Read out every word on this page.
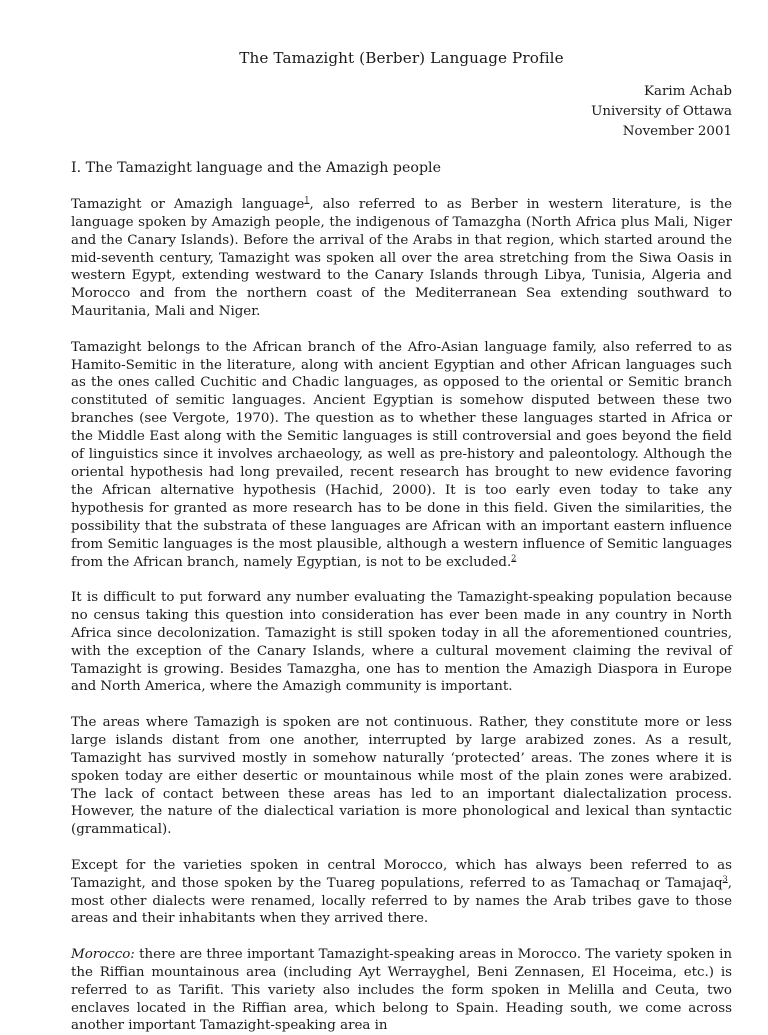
The Tamazight (Berber) Language Profile
Karim Achab
University of Ottawa
November 2001
I. The Tamazight language and the Amazigh people

Tamazight or Amazigh language$^1$, also referred to as Berber in western literature, is the language spoken by Amazigh people, the indigenous of Tamazgha (North Africa plus Mali, Niger and the Canary Islands). Before the arrival of the Arabs in that region, which started around the mid-seventh century, Tamazight was spoken all over the area stretching from the Siwa Oasis in western Egypt, extending westward to the Canary Islands through Libya, Tunisia, Algeria and Morocco and from the northern coast of the Mediterranean Sea extending southward to Mauritania, Mali and Niger.

Tamazight belongs to the African branch of the Afro-Asian language family, also referred to as Hamito-Semitic in the literature, along with ancient Egyptian and other African languages such as the ones called Cuchitic and Chadic languages, as opposed to the oriental or Semitic branch constituted of semitic languages. Ancient Egyptian is somehow disputed between these two branches (see Vergote, 1970). The question as to whether these languages started in Africa or the Middle East along with the Semitic languages is still controversial and goes beyond the field of linguistics since it involves archaeology, as well as pre-history and paleontology. Although the oriental hypothesis had long prevailed, recent research has brought to new evidence favoring the African alternative hypothesis (Hachid, 2000). It is too early even today to take any hypothesis for granted as more research has to be done in this field. Given the similarities, the possibility that the substrata of these languages are African with an important eastern influence from Semitic languages is the most plausible, although a western influence of Semitic languages from the African branch, namely Egyptian, is not to be excluded.$^2$

It is difficult to put forward any number evaluating the Tamazight-speaking population because no census taking this question into consideration has ever been made in any country in North Africa since decolonization. Tamazight is still spoken today in all the aforementioned countries, with the exception of the Canary Islands, where a cultural movement claiming the revival of Tamazight is growing. Besides Tamazgha, one has to mention the Amazigh Diaspora in Europe and North America, where the Amazigh community is important.

The areas where Tamazigh is spoken are not continuous. Rather, they constitute more or less large islands distant from one another, interrupted by large arabized zones. As a result, Tamazight has survived mostly in somehow naturally ‘protected’ areas. The zones where it is spoken today are either desertic or mountainous while most of the plain zones were arabized. The lack of contact between these areas has led to an important dialectalization process. However, the nature of the dialectical variation is more phonological and lexical than syntactic (grammatical).

Except for the varieties spoken in central Morocco, which has always been referred to as Tamazight, and those spoken by the Tuareg populations, referred to as Tamachaq or Tamajaq$^3$, most other dialects were renamed, locally referred to by names the Arab tribes gave to those areas and their inhabitants when they arrived there.

Morocco: there are three important Tamazight-speaking areas in Morocco. The variety spoken in the Riffian mountainous area (including Ayt Werrayghel, Beni Zennasen, El Hoceima, etc.) is referred to as Tarifit. This variety also includes the form spoken in Melilla and Ceuta, two enclaves located in the Riffian area, which belong to Spain. Heading south, we come across another important Tamazight-speaking area in
